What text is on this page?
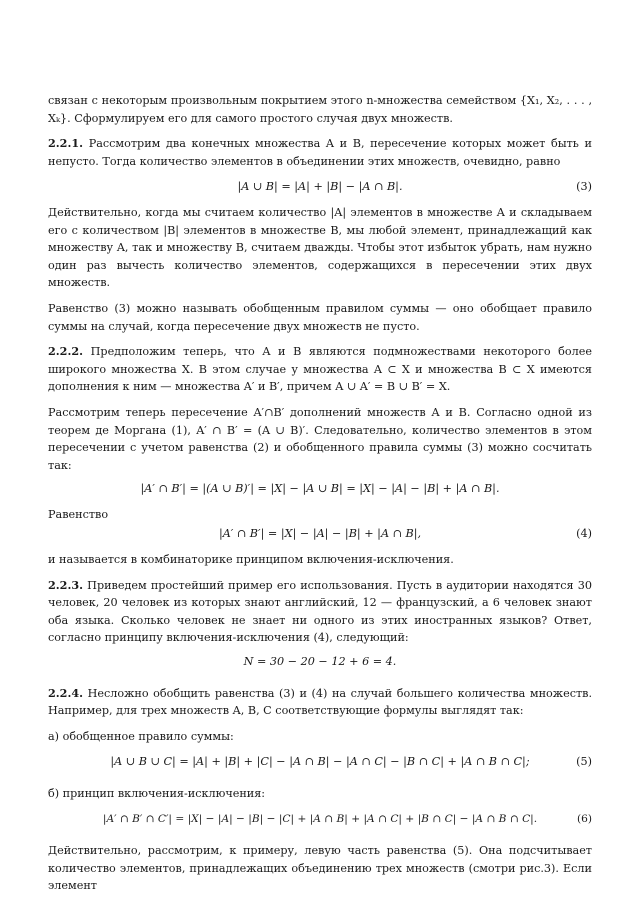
связан с некоторым произвольным покрытием этого n-множества семейством {X₁, X₂, . . . , Xₖ}. Сформулируем его для самого простого случая двух множеств.

2.2.1. Рассмотрим два конечных множества A и B, пересечение которых может быть и непусто. Тогда количество элементов в объединении этих множеств, очевидно, равно

|A ∪ B| = |A| + |B| − |A ∩ B|.	(3)

Действительно, когда мы считаем количество |A| элементов в множестве A и складываем его с количеством |B| элементов в множестве B, мы любой элемент, принадлежащий как множеству A, так и множеству B, считаем дважды. Чтобы этот избыток убрать, нам нужно один раз вычесть количество элементов, содержащихся в пересечении этих двух множеств.

Равенство (3) можно называть обобщенным правилом суммы — оно обобщает правило суммы на случай, когда пересечение двух множеств не пусто.

2.2.2. Предположим теперь, что A и B являются подмножествами некоторого более широкого множества X. В этом случае у множества A ⊂ X и множества B ⊂ X имеются дополнения к ним — множества A′ и B′, причем A ∪ A′ = B ∪ B′ = X.

Рассмотрим теперь пересечение A′∩B′ дополнений множеств A и B. Согласно одной из теорем де Моргана (1), A′ ∩ B′ = (A ∪ B)′. Следовательно, количество элементов в этом пересечении с учетом равенства (2) и обобщенного правила суммы (3) можно сосчитать так:

|A′ ∩ B′| = |(A ∪ B)′| = |X| − |A ∪ B| = |X| − |A| − |B| + |A ∩ B|.

Равенство

|A′ ∩ B′| = |X| − |A| − |B| + |A ∩ B|,	(4)

и называется в комбинаторике принципом включения-исключения.

2.2.3. Приведем простейший пример его использования. Пусть в аудитории находятся 30 человек, 20 человек из которых знают английский, 12 — французский, а 6 человек знают оба языка. Сколько человек не знает ни одного из этих иностранных языков? Ответ, согласно принципу включения-исключения (4), следующий:

N = 30 − 20 − 12 + 6 = 4.

2.2.4. Несложно обобщить равенства (3) и (4) на случай большего количества множеств. Например, для трех множеств A, B, C соответствующие формулы выглядят так:

а) обобщенное правило суммы:

|A ∪ B ∪ C| = |A| + |B| + |C| − |A ∩ B| − |A ∩ C| − |B ∩ C| + |A ∩ B ∩ C|;	(5)

б) принцип включения-исключения:

|A′ ∩ B′ ∩ C′| = |X| − |A| − |B| − |C| + |A ∩ B| + |A ∩ C| + |B ∩ C| − |A ∩ B ∩ C|.	(6)

Действительно, рассмотрим, к примеру, левую часть равенства (5). Она подсчитывает количество элементов, принадлежащих объединению трех множеств (смотри рис.3). Если элемент
